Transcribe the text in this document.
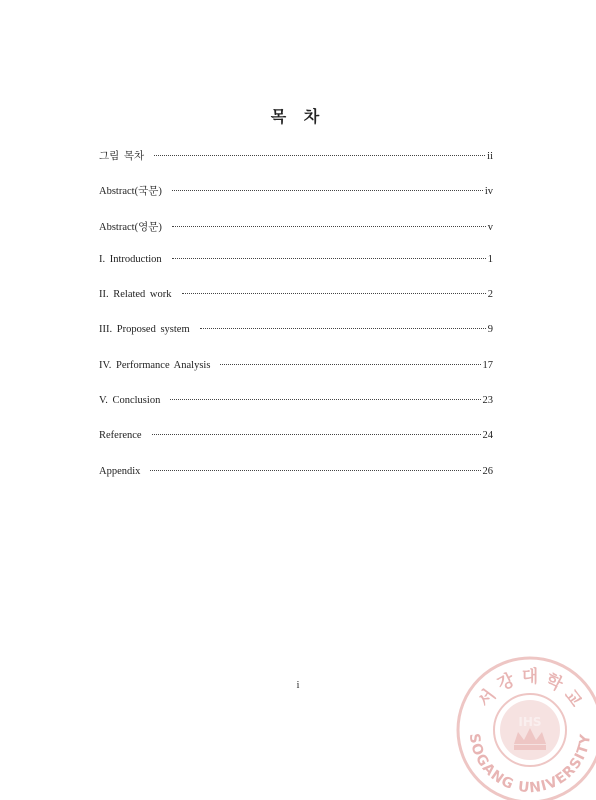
목 차
그림 목차	ii
Abstract(국문)	iv
Abstract(영문)	v
I. Introduction	1
II. Related work	2
III. Proposed system	9
IV. Performance Analysis	17
V. Conclusion	23
Reference	24
Appendix	26
i
서 강 대 학 교
SOGANG UNIVERSITY
IHS
